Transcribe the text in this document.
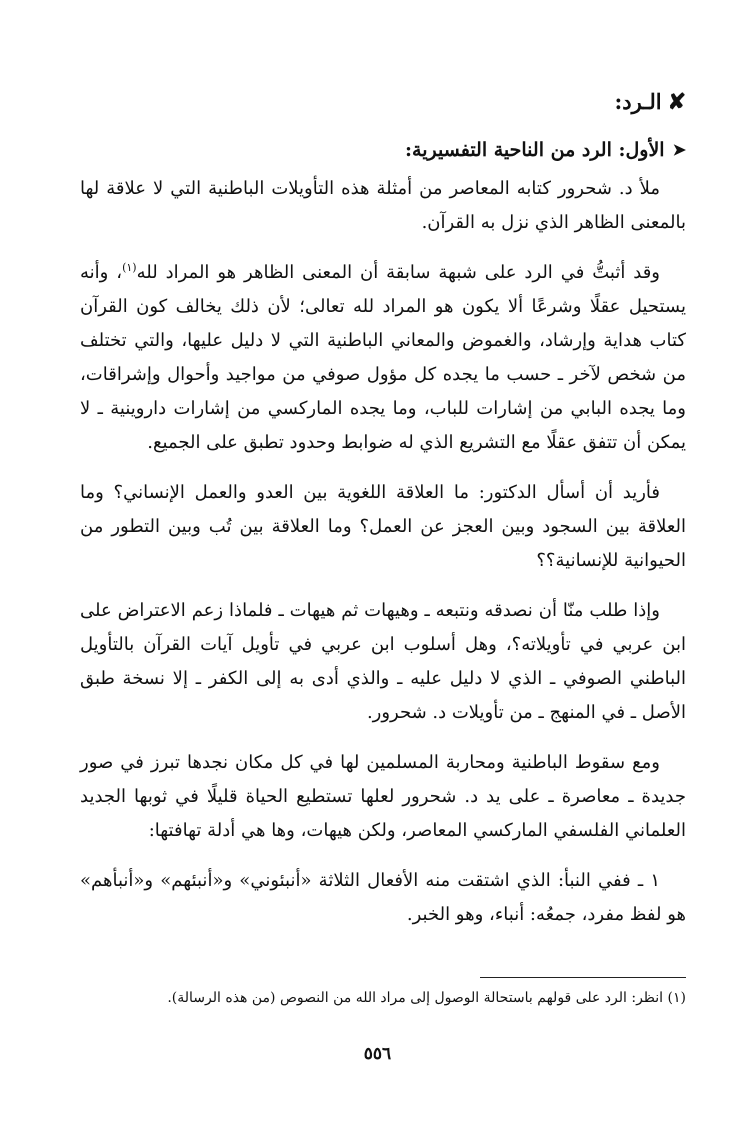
✘
الـرد:
➤
الأول: الرد من الناحية التفسيرية:

ملأ د. شحرور كتابه المعاصر من أمثلة هذه التأويلات الباطنية التي لا علاقة لها بالمعنى الظاهر الذي نزل به القرآن.

وقد أثبتُّ في الرد على شبهة سابقة أن المعنى الظاهر هو المراد لله$^{(١)}$، وأنه يستحيل عقلًا وشرعًا ألا يكون هو المراد لله تعالى؛ لأن ذلك يخالف كون القرآن كتاب هداية وإرشاد، والغموض والمعاني الباطنية التي لا دليل عليها، والتي تختلف من شخص لآخر ـ حسب ما يجده كل مؤول صوفي من مواجيد وأحوال وإشراقات، وما يجده البابي من إشارات للباب، وما يجده الماركسي من إشارات داروينية ـ لا يمكن أن تتفق عقلًا مع التشريع الذي له ضوابط وحدود تطبق على الجميع.

فأريد أن أسأل الدكتور: ما العلاقة اللغوية بين العدو والعمل الإنساني؟ وما العلاقة بين السجود وبين العجز عن العمل؟ وما العلاقة بين تُب وبين التطور من الحيوانية للإنسانية؟؟

وإذا طلب منّا أن نصدقه ونتبعه ـ وهيهات ثم هيهات ـ فلماذا زعم الاعتراض على ابن عربي في تأويلاته؟، وهل أسلوب ابن عربي في تأويل آيات القرآن بالتأويل الباطني الصوفي ـ الذي لا دليل عليه ـ والذي أدى به إلى الكفر ـ إلا نسخة طبق الأصل ـ في المنهج ـ من تأويلات د. شحرور.

ومع سقوط الباطنية ومحاربة المسلمين لها في كل مكان نجدها تبرز في صور جديدة ـ معاصرة ـ على يد د. شحرور لعلها تستطيع الحياة قليلًا في ثوبها الجديد العلماني الفلسفي الماركسي المعاصر، ولكن هيهات، وها هي أدلة تهافتها:

١ ـ ففي النبأ: الذي اشتقت منه الأفعال الثلاثة «أنبئوني» و«أنبئهم» و«أنبأهم» هو لفظ مفرد، جمعُه: أنباء، وهو الخبر.

(١) انظر: الرد على قولهم باستحالة الوصول إلى مراد الله من النصوص (من هذه الرسالة).
٥٥٦
